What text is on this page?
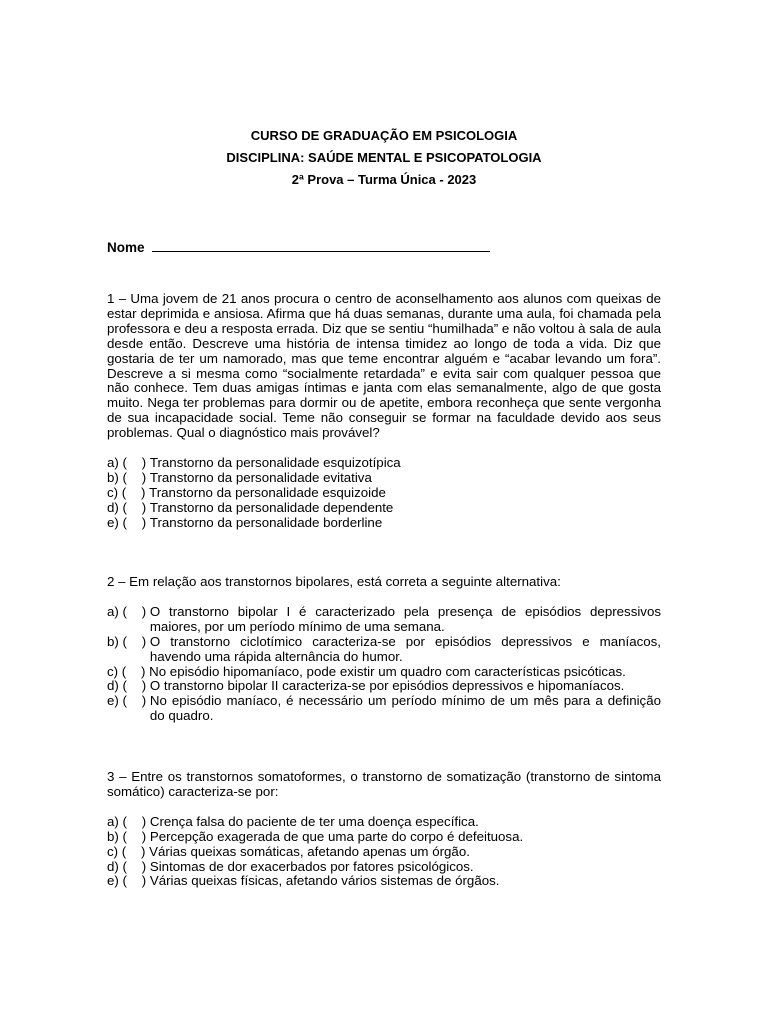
CURSO DE GRADUAÇÃO EM PSICOLOGIA
DISCIPLINA: SAÚDE MENTAL E PSICOPATOLOGIA
2ª Prova – Turma Única - 2023
Nome

1 – Uma jovem de 21 anos procura o centro de aconselhamento aos alunos com queixas de estar deprimida e ansiosa. Afirma que há duas semanas, durante uma aula, foi chamada pela professora e deu a resposta errada. Diz que se sentiu “humilhada” e não voltou à sala de aula desde então. Descreve uma história de intensa timidez ao longo de toda a vida. Diz que gostaria de ter um namorado, mas que teme encontrar alguém e “acabar levando um fora”. Descreve a si mesma como “socialmente retardada” e evita sair com qualquer pessoa que não conhece. Tem duas amigas íntimas e janta com elas semanalmente, algo de que gosta muito. Nega ter problemas para dormir ou de apetite, embora reconheça que sente vergonha de sua incapacidade social. Teme não conseguir se formar na faculdade devido aos seus problemas. Qual o diagnóstico mais provável?

a) (    )
Transtorno da personalidade esquizotípica
b) (    )
Transtorno da personalidade evitativa
c) (    )
Transtorno da personalidade esquizoide
d) (    )
Transtorno da personalidade dependente
e) (    )
Transtorno da personalidade borderline

2 – Em relação aos transtornos bipolares, está correta a seguinte alternativa:

a) (    )
O transtorno bipolar I é caracterizado pela presença de episódios depressivos maiores, por um período mínimo de uma semana.
b) (    )
O transtorno ciclotímico caracteriza-se por episódios depressivos e maníacos, havendo uma rápida alternância do humor.
c) (    )
No episódio hipomaníaco, pode existir um quadro com características psicóticas.
d) (    )
O transtorno bipolar II caracteriza-se por episódios depressivos e hipomaníacos.
e) (    )
No episódio maníaco, é necessário um período mínimo de um mês para a definição do quadro.

3 – Entre os transtornos somatoformes, o transtorno de somatização (transtorno de sintoma somático) caracteriza-se por:

a) (    )
Crença falsa do paciente de ter uma doença específica.
b) (    )
Percepção exagerada de que uma parte do corpo é defeituosa.
c) (    )
Várias queixas somáticas, afetando apenas um órgão.
d) (    )
Sintomas de dor exacerbados por fatores psicológicos.
e) (    )
Várias queixas físicas, afetando vários sistemas de órgãos.
